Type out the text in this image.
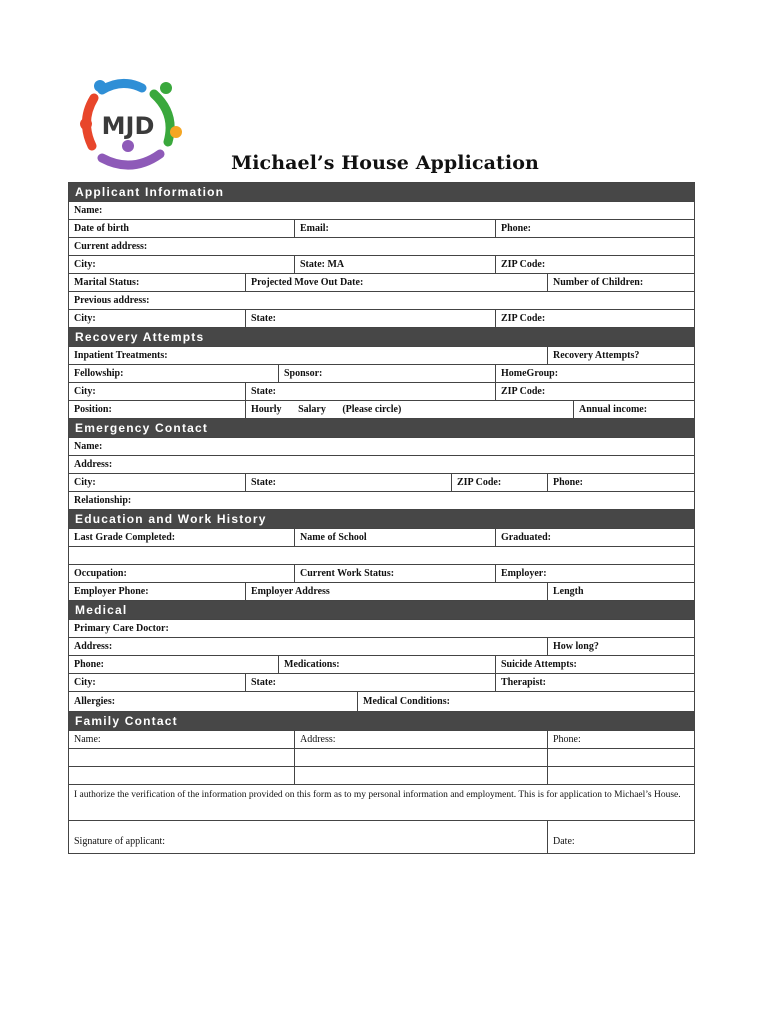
MJD
Michael’s House Application
Applicant Information
Name:
Date of birth	Email:	Phone:
Current address:
City:	State: MA	ZIP Code:
Marital Status:	Projected Move Out Date:	Number of Children:
Previous address:
City:	State:	ZIP Code:
Recovery Attempts
Inpatient Treatments:	Recovery Attempts?
Fellowship:	Sponsor:	HomeGroup:
City:	State:	ZIP Code:
Position:	Hourly Salary (Please circle)	Annual income:
Emergency Contact
Name:
Address:
City:	State:	ZIP Code:	Phone:
Relationship:
Education and Work History
Last Grade Completed:	Name of School	Graduated:
Occupation:	Current Work Status:	Employer:
Employer Phone:	Employer Address	Length
Medical
Primary Care Doctor:
Address:	How long?
Phone:	Medications:	Suicide Attempts:
City:	State:	Therapist:
Allergies:	Medical Conditions:
Family Contact
Name:	Address:	Phone:
I authorize the verification of the information provided on this form as to my personal information and employment. This is for application to Michael’s House.
Signature of applicant:	Date:
